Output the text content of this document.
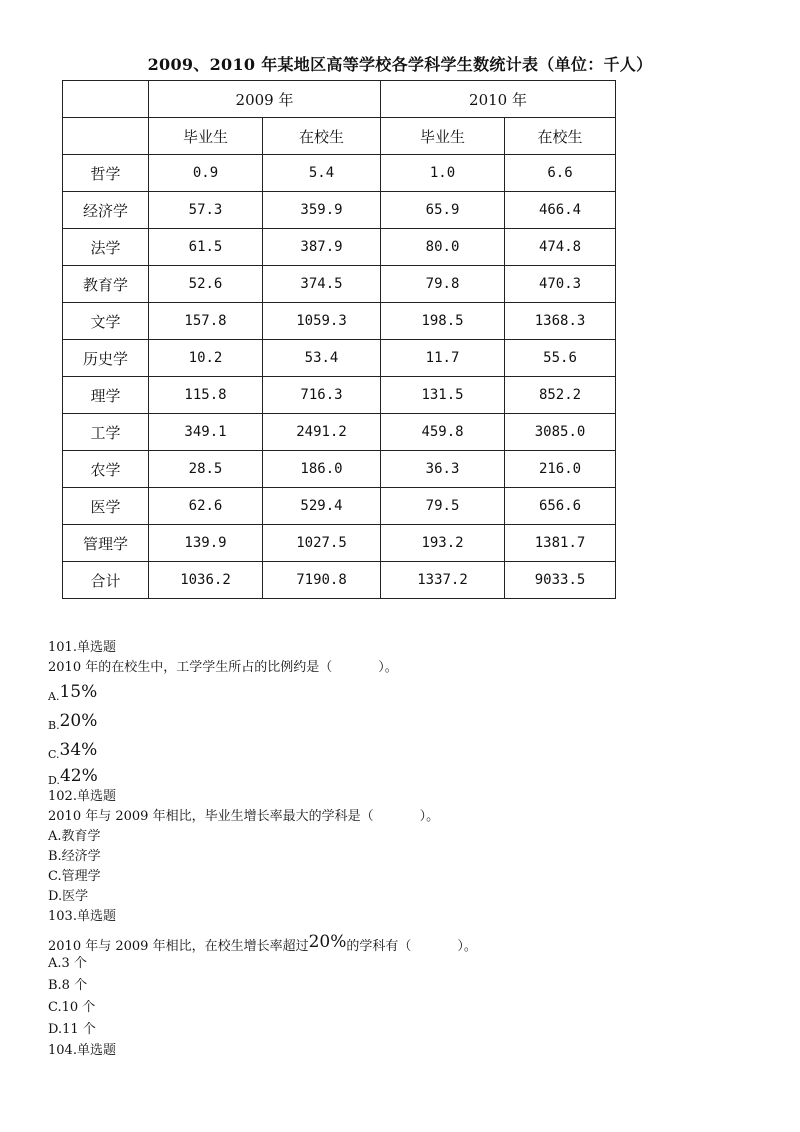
2009、2010 年某地区高等学校各学科学生数统计表（单位：千人）
	2009 年		2010 年	
	毕业生	在校生	毕业生	在校生
哲学	0.9	5.4	1.0	6.6
经济学	57.3	359.9	65.9	466.4
法学	61.5	387.9	80.0	474.8
教育学	52.6	374.5	79.8	470.3
文学	157.8	1059.3	198.5	1368.3
历史学	10.2	53.4	11.7	55.6
理学	115.8	716.3	131.5	852.2
工学	349.1	2491.2	459.8	3085.0
农学	28.5	186.0	36.3	216.0
医学	62.6	529.4	79.5	656.6
管理学	139.9	1027.5	193.2	1381.7
合计	1036.2	7190.8	1337.2	9033.5
101.单选题
2010 年的在校生中，工学学生所占的比例约是（	）。
$_{A.}$15%
$_{B.}$20%
$_{C.}$34%
$_{D.}$42%
102.单选题
2010 年与 2009 年相比，毕业生增长率最大的学科是（	）。
A.教育学
B.经济学
C.管理学
D.医学
103.单选题
2010 年与 2009 年相比，在校生增长率超过20%的学科有（	）。
A.3 个
B.8 个
C.10 个
D.11 个
104.单选题
